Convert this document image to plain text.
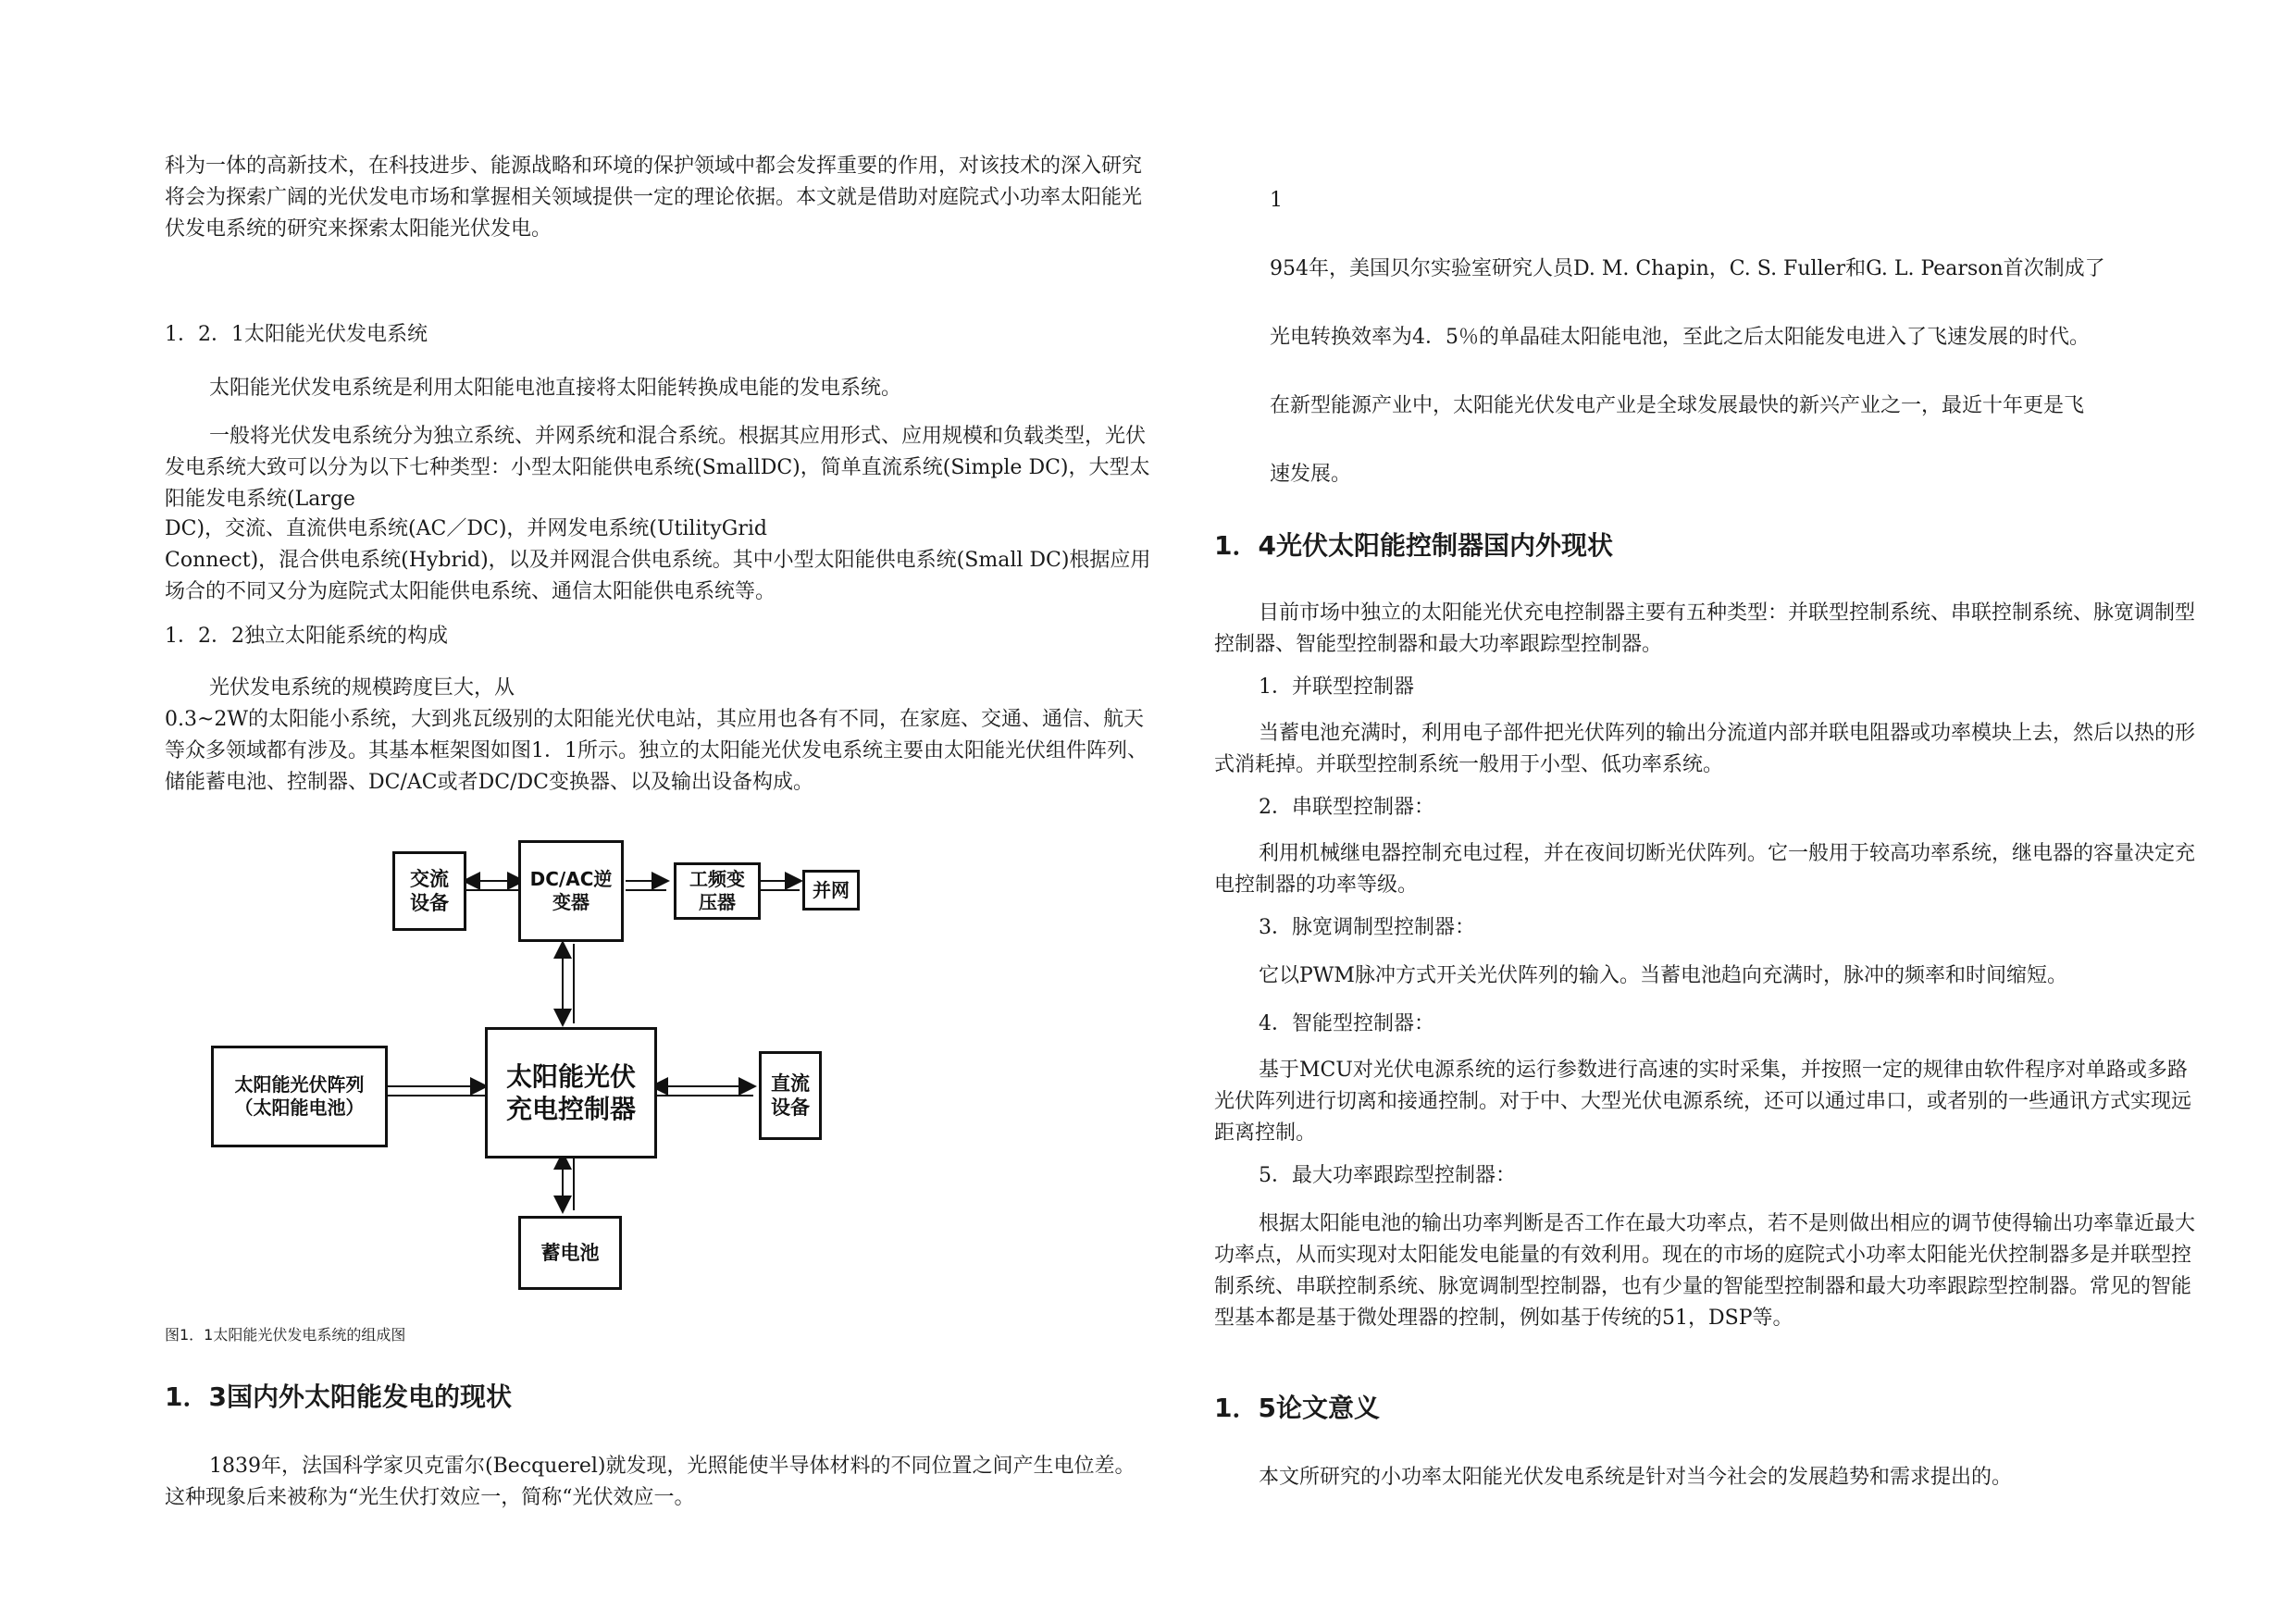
科为一体的高新技术，在科技进步、能源战略和环境的保护领域中都会发挥重要的作用，对该技术的深入研究将会为探索广阔的光伏发电市场和掌握相关领域提供一定的理论依据。本文就是借助对庭院式小功率太阳能光伏发电系统的研究来探索太阳能光伏发电。
1．2．1太阳能光伏发电系统
太阳能光伏发电系统是利用太阳能电池直接将太阳能转换成电能的发电系统。
一般将光伏发电系统分为独立系统、并网系统和混合系统。根据其应用形式、应用规模和负载类型，光伏发电系统大致可以分为以下七种类型：小型太阳能供电系统(SmallDC)，简单直流系统(Simple DC)，大型太阳能发电系统(Large
DC)，交流、直流供电系统(AC／DC)，并网发电系统(UtilityGrid
Connect)，混合供电系统(Hybrid)，以及并网混合供电系统。其中小型太阳能供电系统(Small DC)根据应用场合的不同又分为庭院式太阳能供电系统、通信太阳能供电系统等。
1．2．2独立太阳能系统的构成
光伏发电系统的规模跨度巨大，从
0.3~2W的太阳能小系统，大到兆瓦级别的太阳能光伏电站，其应用也各有不同，在家庭、交通、通信、航天等众多领域都有涉及。其基本框架图如图1．1所示。独立的太阳能光伏发电系统主要由太阳能光伏组件阵列、储能蓄电池、控制器、DC/AC或者DC/DC变换器、以及输出设备构成。
交流
设备
DC/AC逆
变器
工频变
压器
并网
太阳能光伏阵列
（太阳能电池）
太阳能光伏
充电控制器
直流
设备
蓄电池
图1．1太阳能光伏发电系统的组成图
1．3国内外太阳能发电的现状
1839年，法国科学家贝克雷尔(Becquerel)就发现，光照能使半导体材料的不同位置之间产生电位差。这种现象后来被称为“光生伏打效应一，简称“光伏效应一。
1
954年，美国贝尔实验室研究人员D. M. Chapin，C. S. Fuller和G. L. Pearson首次制成了
光电转换效率为4．5％的单晶硅太阳能电池，至此之后太阳能发电进入了飞速发展的时代。
在新型能源产业中，太阳能光伏发电产业是全球发展最快的新兴产业之一，最近十年更是飞
速发展。
1．4光伏太阳能控制器国内外现状
目前市场中独立的太阳能光伏充电控制器主要有五种类型：并联型控制系统、串联控制系统、脉宽调制型控制器、智能型控制器和最大功率跟踪型控制器。
1．并联型控制器
当蓄电池充满时，利用电子部件把光伏阵列的输出分流道内部并联电阻器或功率模块上去，然后以热的形式消耗掉。并联型控制系统一般用于小型、低功率系统。
2．串联型控制器：
利用机械继电器控制充电过程，并在夜间切断光伏阵列。它一般用于较高功率系统，继电器的容量决定充电控制器的功率等级。
3．脉宽调制型控制器：
它以PWM脉冲方式开关光伏阵列的输入。当蓄电池趋向充满时，脉冲的频率和时间缩短。
4．智能型控制器：
基于MCU对光伏电源系统的运行参数进行高速的实时采集，并按照一定的规律由软件程序对单路或多路光伏阵列进行切离和接通控制。对于中、大型光伏电源系统，还可以通过串口，或者别的一些通讯方式实现远距离控制。
5．最大功率跟踪型控制器：
根据太阳能电池的输出功率判断是否工作在最大功率点，若不是则做出相应的调节使得输出功率靠近最大功率点，从而实现对太阳能发电能量的有效利用。现在的市场的庭院式小功率太阳能光伏控制器多是并联型控制系统、串联控制系统、脉宽调制型控制器，也有少量的智能型控制器和最大功率跟踪型控制器。常见的智能型基本都是基于微处理器的控制，例如基于传统的51，DSP等。
1．5论文意义
本文所研究的小功率太阳能光伏发电系统是针对当今社会的发展趋势和需求提出的。
